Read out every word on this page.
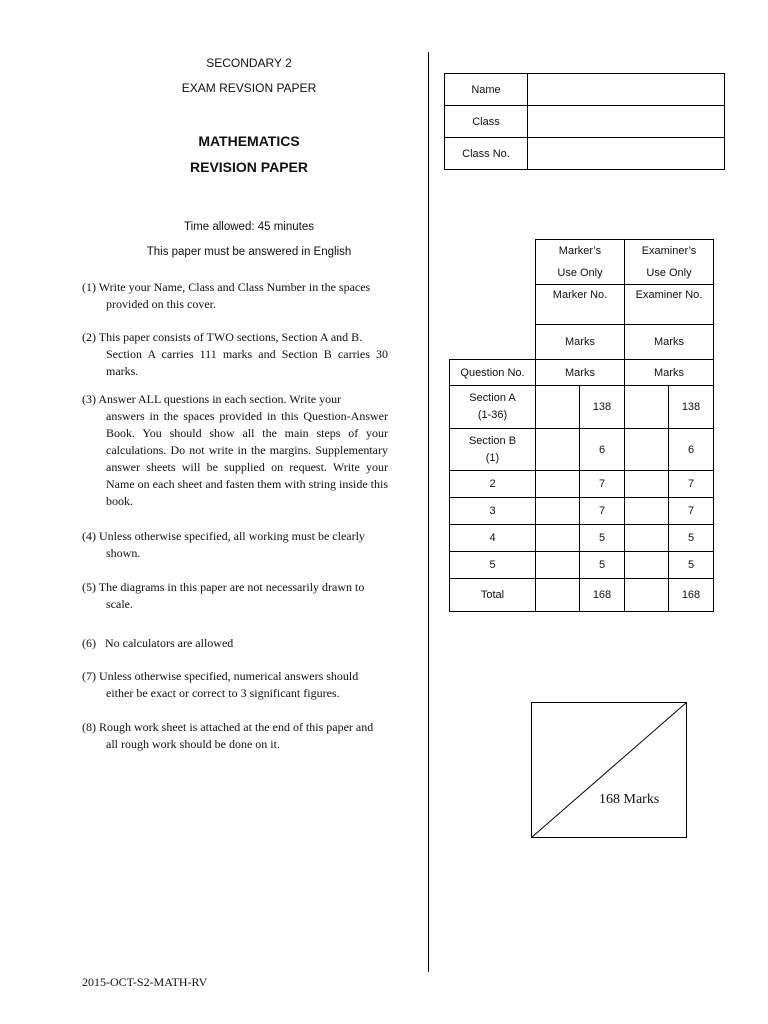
SECONDARY 2
EXAM REVSION PAPER
MATHEMATICS
REVISION PAPER
Time allowed: 45 minutes
This paper must be answered in English
(1) Write your Name, Class and Class Number in the spaces
provided on this cover.
(2) This paper consists of TWO sections, Section A and B.
Section A carries 111 marks and Section B carries 30 marks.
(3) Answer ALL questions in each section. Write your
answers in the spaces provided in this Question-Answer Book. You should show all the main steps of your calculations. Do not write in the margins. Supplementary answer sheets will be supplied on request. Write your Name on each sheet and fasten them with string inside this book.
(4) Unless otherwise specified, all working must be clearly
shown.
(5) The diagrams in this paper are not necessarily drawn to
scale.
(6)   No calculators are allowed
(7) Unless otherwise specified, numerical answers should
either be exact or correct to 3 significant figures.
(8) Rough work sheet is attached at the end of this paper and
all rough work should be done on it.
Name	
Class	
Class No.	
	Marker’s		Examiner’s	
	Use Only		Use Only	
	Marker No.		Examiner No.	
	Marks		Marks	
Question No.	Marks		Marks	
Section A
(1-36)		138		138
Section B
(1)		6		6
2		7		7
3		7		7
4		5		5
5		5		5
Total		168		168
168 Marks
2015-OCT-S2-MATH-RV
